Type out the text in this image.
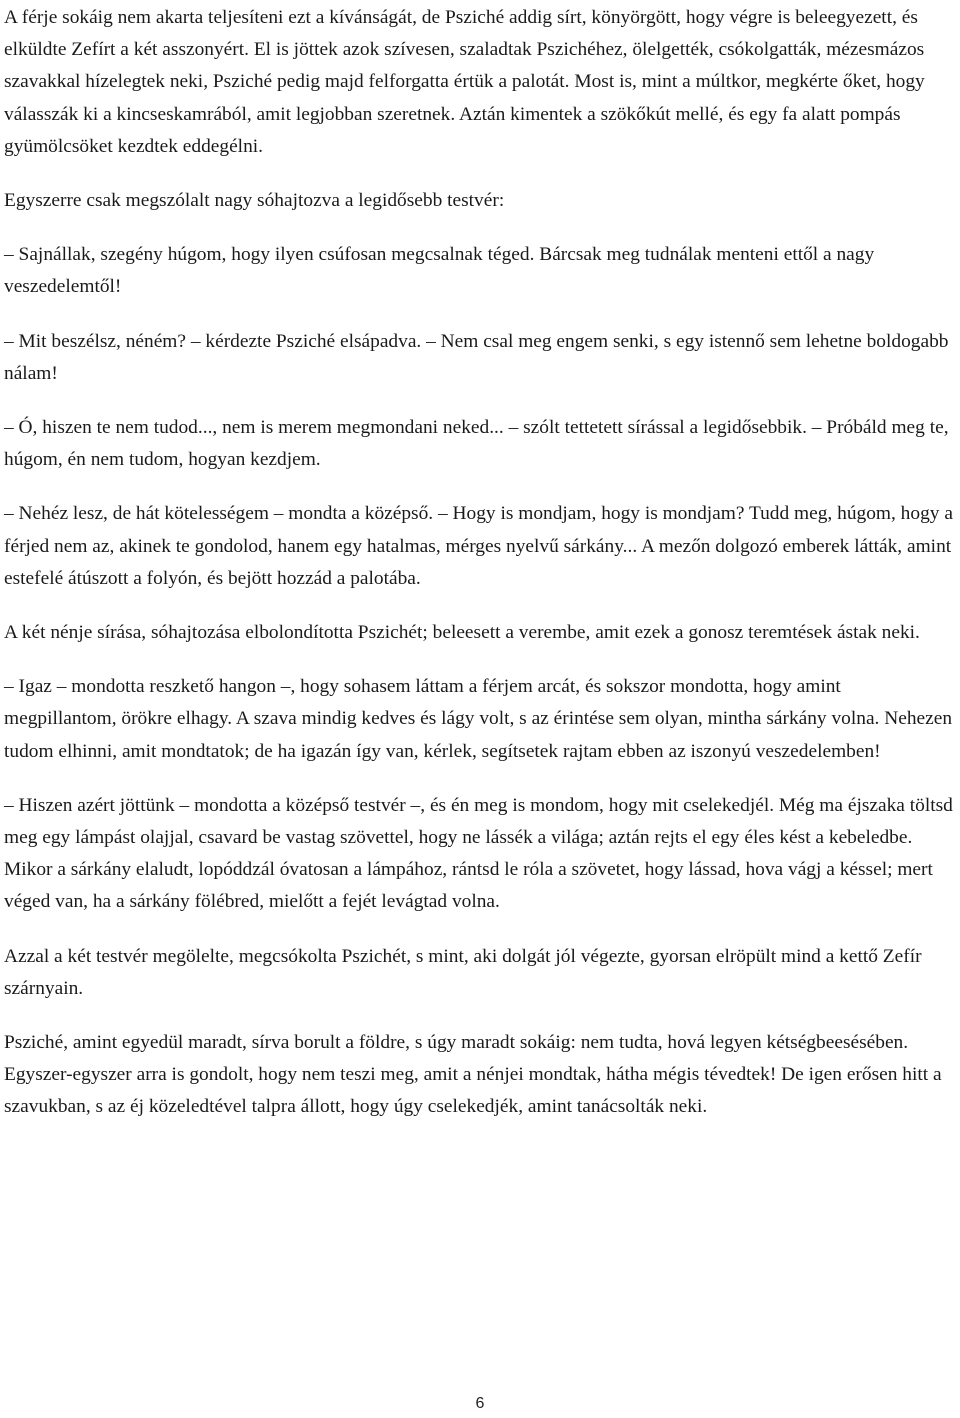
A férje sokáig nem akarta teljesíteni ezt a kívánságát, de Psziché addig sírt, könyörgött, hogy végre is beleegyezett, és elküldte Zefírt a két asszonyért. El is jöttek azok szívesen, szaladtak Pszichéhez, ölelgették, csókolgatták, mézesmázos szavakkal hízelegtek neki, Psziché pedig majd felforgatta értük a palotát. Most is, mint a múltkor, megkérte őket, hogy válasszák ki a kincseskamrából, amit legjobban szeretnek. Aztán kimentek a szökőkút mellé, és egy fa alatt pompás gyümölcsöket kezdtek eddegélni.

Egyszerre csak megszólalt nagy sóhajtozva a legidősebb testvér:

– Sajnállak, szegény húgom, hogy ilyen csúfosan megcsalnak téged. Bárcsak meg tudnálak menteni ettől a nagy veszedelemtől!

– Mit beszélsz, néném? – kérdezte Psziché elsápadva. – Nem csal meg engem senki, s egy istennő sem lehetne boldogabb nálam!

– Ó, hiszen te nem tudod..., nem is merem megmondani neked... – szólt tettetett sírással a legidősebbik. – Próbáld meg te, húgom, én nem tudom, hogyan kezdjem.

– Nehéz lesz, de hát kötelességem – mondta a középső. – Hogy is mondjam, hogy is mondjam? Tudd meg, húgom, hogy a férjed nem az, akinek te gondolod, hanem egy hatalmas, mérges nyelvű sárkány... A mezőn dolgozó emberek látták, amint estefelé átúszott a folyón, és bejött hozzád a palotába.

A két nénje sírása, sóhajtozása elbolondította Pszichét; beleesett a verembe, amit ezek a gonosz teremtések ástak neki.

– Igaz – mondotta reszkető hangon –, hogy sohasem láttam a férjem arcát, és sokszor mondotta, hogy amint megpillantom, örökre elhagy. A szava mindig kedves és lágy volt, s az érintése sem olyan, mintha sárkány volna. Nehezen tudom elhinni, amit mondtatok; de ha igazán így van, kérlek, segítsetek rajtam ebben az iszonyú veszedelemben!

– Hiszen azért jöttünk – mondotta a középső testvér –, és én meg is mondom, hogy mit cselekedjél. Még ma éjszaka töltsd meg egy lámpást olajjal, csavard be vastag szövettel, hogy ne lássék a világa; aztán rejts el egy éles kést a kebeledbe. Mikor a sárkány elaludt, lopóddzál óvatosan a lámpához, rántsd le róla a szövetet, hogy lássad, hova vágj a késsel; mert véged van, ha a sárkány fölébred, mielőtt a fejét levágtad volna.

Azzal a két testvér megölelte, megcsókolta Pszichét, s mint, aki dolgát jól végezte, gyorsan elröpült mind a kettő Zefír szárnyain.

Psziché, amint egyedül maradt, sírva borult a földre, s úgy maradt sokáig: nem tudta, hová legyen kétségbeesésében. Egyszer-egyszer arra is gondolt, hogy nem teszi meg, amit a nénjei mondtak, hátha mégis tévedtek! De igen erősen hitt a szavukban, s az éj közeledtével talpra állott, hogy úgy cselekedjék, amint tanácsolták neki.

6
